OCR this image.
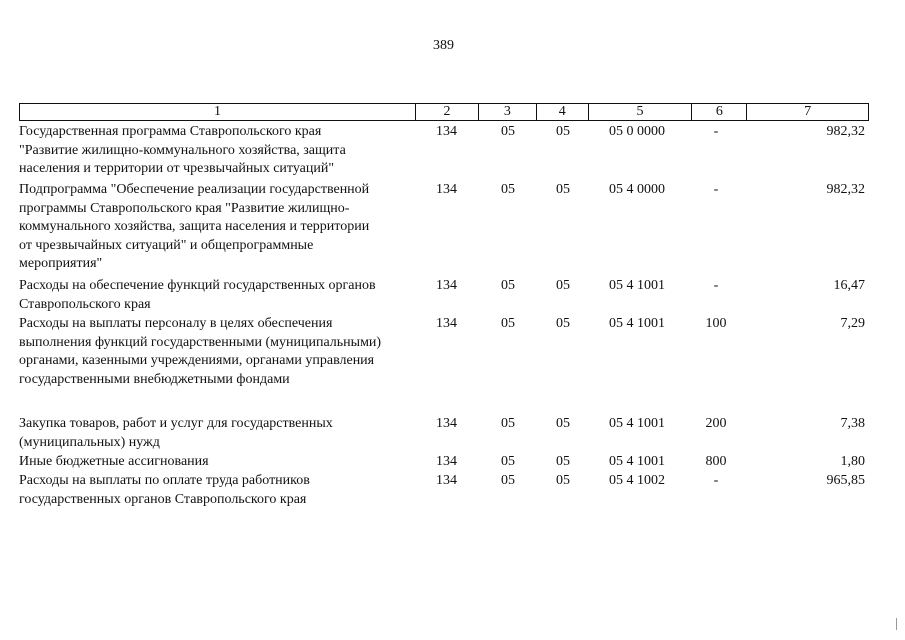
389
1	2	3	4	5	6	7
Государственная программа Ставропольского края
"Развитие жилищно-коммунального хозяйства, защита
населения и территории от чрезвычайных ситуаций"
134	05	05	05 0 0000	-	982,32
Подпрограмма "Обеспечение реализации государственной
программы Ставропольского края "Развитие жилищно-
коммунального хозяйства, защита населения и территории
от чрезвычайных ситуаций" и общепрограммные
мероприятия"
134	05	05	05 4 0000	-	982,32
Расходы на обеспечение функций государственных органов
Ставропольского края
134	05	05	05 4 1001	-	16,47
Расходы на выплаты персоналу в целях обеспечения
выполнения функций государственными (муниципальными)
органами, казенными учреждениями, органами управления
государственными внебюджетными фондами
134	05	05	05 4 1001	100	7,29
Закупка товаров, работ и услуг для государственных
(муниципальных) нужд
134	05	05	05 4 1001	200	7,38
Иные бюджетные ассигнования	134	05	05	05 4 1001	800	1,80
Расходы на выплаты по оплате труда работников
государственных органов Ставропольского края
134	05	05	05 4 1002	-	965,85
